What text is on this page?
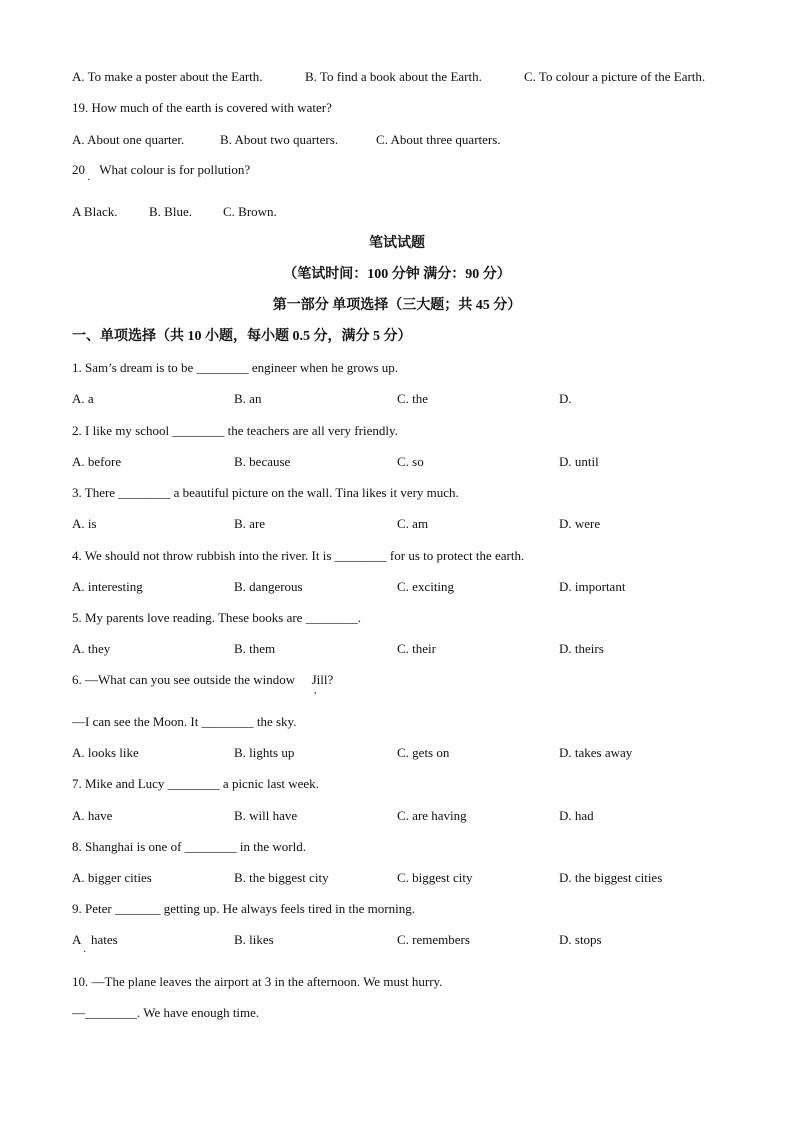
A. To make a poster about the Earth.	B. To find a book about the Earth.	C. To colour a picture of the Earth.
19. How much of the earth is covered with water?
A. About one quarter.	B. About two quarters.	C. About three quarters.
20 What colour is for pollution?
·
A Black. B. Blue. C. Brown.
笔试试题
（笔试时间：100 分钟 满分：90 分）
第一部分 单项选择（三大题；共 45 分）
一、单项选择（共 10 小题，每小题 0.5 分，满分 5 分）
1. Sam’s dream is to be ________ engineer when he grows up.
A. a	B. an	C. the	D.
2. I like my school ________ the teachers are all very friendly.
A. before	B. because	C. so	D. until
3. There ________ a beautiful picture on the wall. Tina likes it very much.
A. is	B. are	C. am	D. were
4. We should not throw rubbish into the river. It is ________ for us to protect the earth.
A. interesting	B. dangerous	C. exciting	D. important
5. My parents love reading. These books are ________.
A. they	B. them	C. their	D. theirs
6. —What can you see outside the window Jill?
,
—I can see the Moon. It ________ the sky.
A. looks like	B. lights up	C. gets on	D. takes away
7. Mike and Lucy ________ a picnic last week.
A. have	B. will have	C. are having	D. had
8. Shanghai is one of ________ in the world.
A. bigger cities	B. the biggest city	C. biggest city	D. the biggest cities
9. Peter _______ getting up. He always feels tired in the morning.
A hates	B. likes	C. remembers	D. stops
·
10. —The plane leaves the airport at 3 in the afternoon. We must hurry.
—________. We have enough time.
